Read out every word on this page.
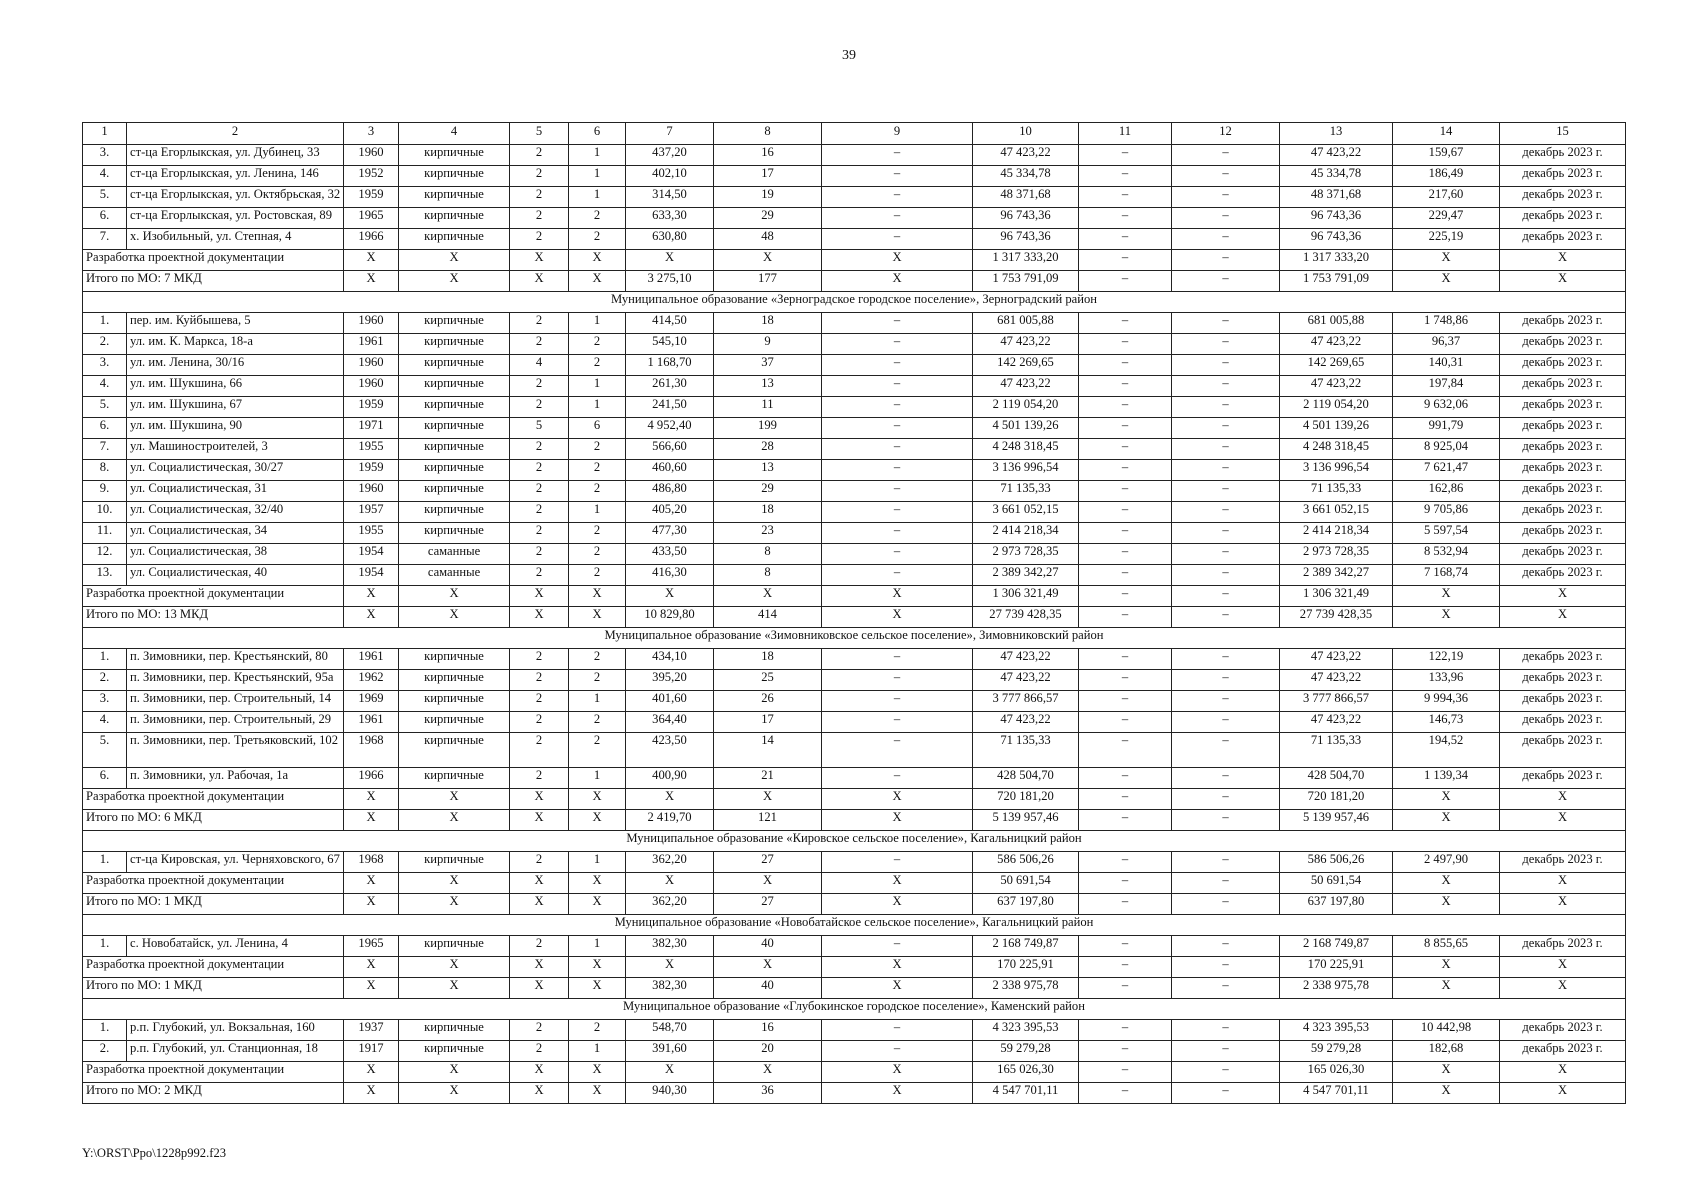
39
1	2	3	4	5	6	7	8	9	10	11	12	13	14	15
3.	ст-ца Егорлыкская, ул. Дубинец, 33	1960	кирпичные	2	1	437,20	16	–	47 423,22	–	–	47 423,22	159,67	декабрь 2023 г.
4.	ст-ца Егорлыкская, ул. Ленина, 146	1952	кирпичные	2	1	402,10	17	–	45 334,78	–	–	45 334,78	186,49	декабрь 2023 г.
5.	ст-ца Егорлыкская, ул. Октябрьская, 32	1959	кирпичные	2	1	314,50	19	–	48 371,68	–	–	48 371,68	217,60	декабрь 2023 г.
6.	ст-ца Егорлыкская, ул. Ростовская, 89	1965	кирпичные	2	2	633,30	29	–	96 743,36	–	–	96 743,36	229,47	декабрь 2023 г.
7.	х. Изобильный, ул. Степная, 4	1966	кирпичные	2	2	630,80	48	–	96 743,36	–	–	96 743,36	225,19	декабрь 2023 г.
Разработка проектной документации		X	X	X	X	X	X	X	1 317 333,20	–	–	1 317 333,20	X	X
Итого по МО: 7 МКД		X	X	X	X	3 275,10	177	X	1 753 791,09	–	–	1 753 791,09	X	X
Муниципальное образование «Зерноградское городское поселение», Зерноградский район														
1.	пер. им. Куйбышева, 5	1960	кирпичные	2	1	414,50	18	–	681 005,88	–	–	681 005,88	1 748,86	декабрь 2023 г.
2.	ул. им. К. Маркса, 18-а	1961	кирпичные	2	2	545,10	9	–	47 423,22	–	–	47 423,22	96,37	декабрь 2023 г.
3.	ул. им. Ленина, 30/16	1960	кирпичные	4	2	1 168,70	37	–	142 269,65	–	–	142 269,65	140,31	декабрь 2023 г.
4.	ул. им. Шукшина, 66	1960	кирпичные	2	1	261,30	13	–	47 423,22	–	–	47 423,22	197,84	декабрь 2023 г.
5.	ул. им. Шукшина, 67	1959	кирпичные	2	1	241,50	11	–	2 119 054,20	–	–	2 119 054,20	9 632,06	декабрь 2023 г.
6.	ул. им. Шукшина, 90	1971	кирпичные	5	6	4 952,40	199	–	4 501 139,26	–	–	4 501 139,26	991,79	декабрь 2023 г.
7.	ул. Машиностроителей, 3	1955	кирпичные	2	2	566,60	28	–	4 248 318,45	–	–	4 248 318,45	8 925,04	декабрь 2023 г.
8.	ул. Социалистическая, 30/27	1959	кирпичные	2	2	460,60	13	–	3 136 996,54	–	–	3 136 996,54	7 621,47	декабрь 2023 г.
9.	ул. Социалистическая, 31	1960	кирпичные	2	2	486,80	29	–	71 135,33	–	–	71 135,33	162,86	декабрь 2023 г.
10.	ул. Социалистическая, 32/40	1957	кирпичные	2	1	405,20	18	–	3 661 052,15	–	–	3 661 052,15	9 705,86	декабрь 2023 г.
11.	ул. Социалистическая, 34	1955	кирпичные	2	2	477,30	23	–	2 414 218,34	–	–	2 414 218,34	5 597,54	декабрь 2023 г.
12.	ул. Социалистическая, 38	1954	саманные	2	2	433,50	8	–	2 973 728,35	–	–	2 973 728,35	8 532,94	декабрь 2023 г.
13.	ул. Социалистическая, 40	1954	саманные	2	2	416,30	8	–	2 389 342,27	–	–	2 389 342,27	7 168,74	декабрь 2023 г.
Разработка проектной документации		X	X	X	X	X	X	X	1 306 321,49	–	–	1 306 321,49	X	X
Итого по МО: 13 МКД		X	X	X	X	10 829,80	414	X	27 739 428,35	–	–	27 739 428,35	X	X
Муниципальное образование «Зимовниковское сельское поселение», Зимовниковский район														
1.	п. Зимовники, пер. Крестьянский, 80	1961	кирпичные	2	2	434,10	18	–	47 423,22	–	–	47 423,22	122,19	декабрь 2023 г.
2.	п. Зимовники, пер. Крестьянский, 95а	1962	кирпичные	2	2	395,20	25	–	47 423,22	–	–	47 423,22	133,96	декабрь 2023 г.
3.	п. Зимовники, пер. Строительный, 14	1969	кирпичные	2	1	401,60	26	–	3 777 866,57	–	–	3 777 866,57	9 994,36	декабрь 2023 г.
4.	п. Зимовники, пер. Строительный, 29	1961	кирпичные	2	2	364,40	17	–	47 423,22	–	–	47 423,22	146,73	декабрь 2023 г.
5.	п. Зимовники, пер. Третьяковский, 102	1968	кирпичные	2	2	423,50	14	–	71 135,33	–	–	71 135,33	194,52	декабрь 2023 г.
6.	п. Зимовники, ул. Рабочая, 1а	1966	кирпичные	2	1	400,90	21	–	428 504,70	–	–	428 504,70	1 139,34	декабрь 2023 г.
Разработка проектной документации		X	X	X	X	X	X	X	720 181,20	–	–	720 181,20	X	X
Итого по МО: 6 МКД		X	X	X	X	2 419,70	121	X	5 139 957,46	–	–	5 139 957,46	X	X
Муниципальное образование «Кировское сельское поселение», Кагальницкий район														
1.	ст-ца Кировская, ул. Черняховского, 67	1968	кирпичные	2	1	362,20	27	–	586 506,26	–	–	586 506,26	2 497,90	декабрь 2023 г.
Разработка проектной документации		X	X	X	X	X	X	X	50 691,54	–	–	50 691,54	X	X
Итого по МО: 1 МКД		X	X	X	X	362,20	27	X	637 197,80	–	–	637 197,80	X	X
Муниципальное образование «Новобатайское сельское поселение», Кагальницкий район														
1.	с. Новобатайск, ул. Ленина, 4	1965	кирпичные	2	1	382,30	40	–	2 168 749,87	–	–	2 168 749,87	8 855,65	декабрь 2023 г.
Разработка проектной документации		X	X	X	X	X	X	X	170 225,91	–	–	170 225,91	X	X
Итого по МО: 1 МКД		X	X	X	X	382,30	40	X	2 338 975,78	–	–	2 338 975,78	X	X
Муниципальное образование «Глубокинское городское поселение», Каменский район														
1.	р.п. Глубокий, ул. Вокзальная, 160	1937	кирпичные	2	2	548,70	16	–	4 323 395,53	–	–	4 323 395,53	10 442,98	декабрь 2023 г.
2.	р.п. Глубокий, ул. Станционная, 18	1917	кирпичные	2	1	391,60	20	–	59 279,28	–	–	59 279,28	182,68	декабрь 2023 г.
Разработка проектной документации		X	X	X	X	X	X	X	165 026,30	–	–	165 026,30	X	X
Итого по МО: 2 МКД		X	X	X	X	940,30	36	X	4 547 701,11	–	–	4 547 701,11	X	X
Y:\ORST\Ppo\1228p992.f23
